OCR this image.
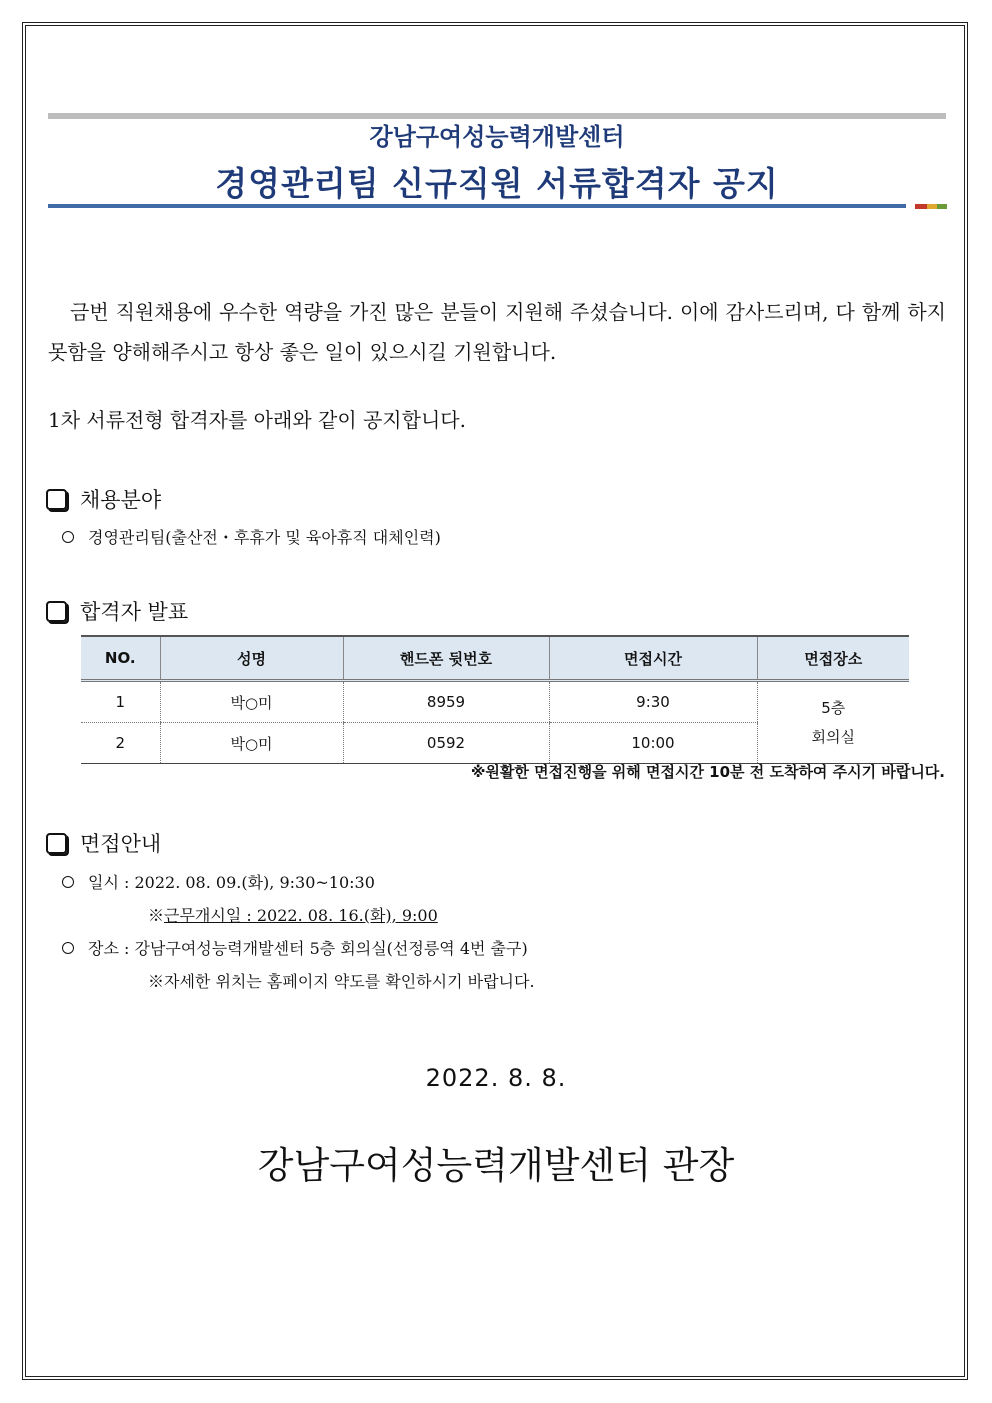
강남구여성능력개발센터
경영관리팀 신규직원 서류합격자 공지
금번 직원채용에 우수한 역량을 가진 많은 분들이 지원해 주셨습니다. 이에 감사드리며, 다 함께 하지 못함을 양해해주시고 항상 좋은 일이 있으시길 기원합니다.
1차 서류전형 합격자를 아래와 같이 공지합니다.
채용분야
경영관리팀(출산전・후휴가 및 육아휴직 대체인력)
합격자 발표
NO.	성명	핸드폰 뒷번호	면접시간	면접장소
1	박○미	8959	9:30	5층
회의실

2	박○미	0592	10:00	
※원활한 면접진행을 위해 면접시간 10분 전 도착하여 주시기 바랍니다.
면접안내
일시 : 2022. 08. 09.(화), 9:30~10:30
※근무개시일 : 2022. 08. 16.(화), 9:00
장소 : 강남구여성능력개발센터 5층 회의실(선정릉역 4번 출구)
※자세한 위치는 홈페이지 약도를 확인하시기 바랍니다.
2022. 8. 8.
강남구여성능력개발센터 관장
